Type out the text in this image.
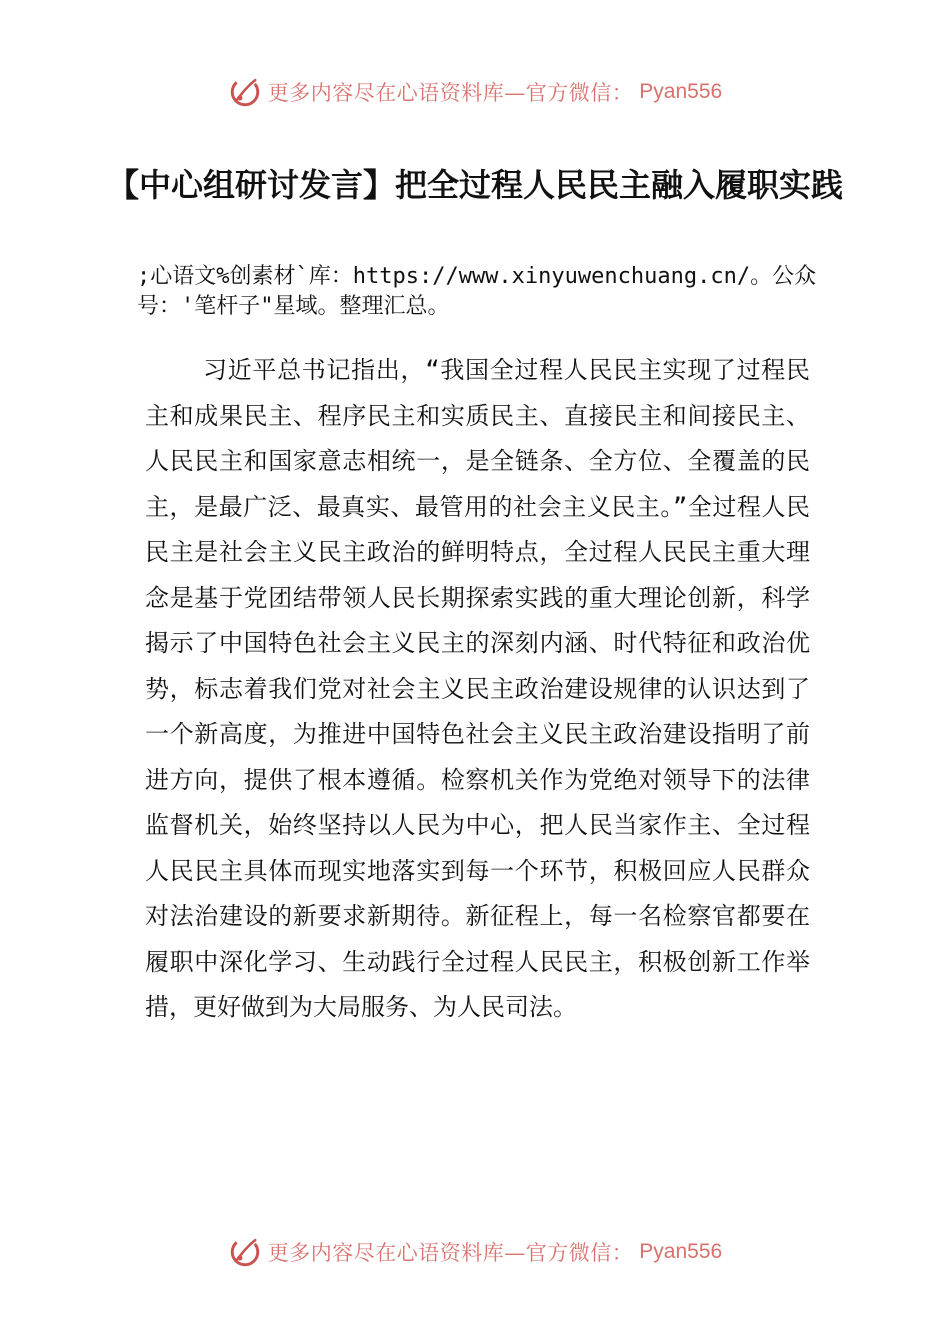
更多内容尽在心语资料库—官方微信： Pyan556
【中心组研讨发言】把全过程人民民主融入履职实践
;心语文%创素材`库：https://www.xinyuwenchuang.cn/。公众号：'笔杆子"星域。整理汇总。

习近平总书记指出，“我国全过程人民民主实现了过程民主和成果民主、程序民主和实质民主、直接民主和间接民主、人民民主和国家意志相统一，是全链条、全方位、全覆盖的民主，是最广泛、最真实、最管用的社会主义民主。”全过程人民民主是社会主义民主政治的鲜明特点，全过程人民民主重大理念是基于党团结带领人民长期探索实践的重大理论创新，科学揭示了中国特色社会主义民主的深刻内涵、时代特征和政治优势，标志着我们党对社会主义民主政治建设规律的认识达到了一个新高度，为推进中国特色社会主义民主政治建设指明了前进方向，提供了根本遵循。检察机关作为党绝对领导下的法律监督机关，始终坚持以人民为中心，把人民当家作主、全过程人民民主具体而现实地落实到每一个环节，积极回应人民群众对法治建设的新要求新期待。新征程上，每一名检察官都要在履职中深化学习、生动践行全过程人民民主，积极创新工作举措，更好做到为大局服务、为人民司法。

更多内容尽在心语资料库—官方微信： Pyan556
